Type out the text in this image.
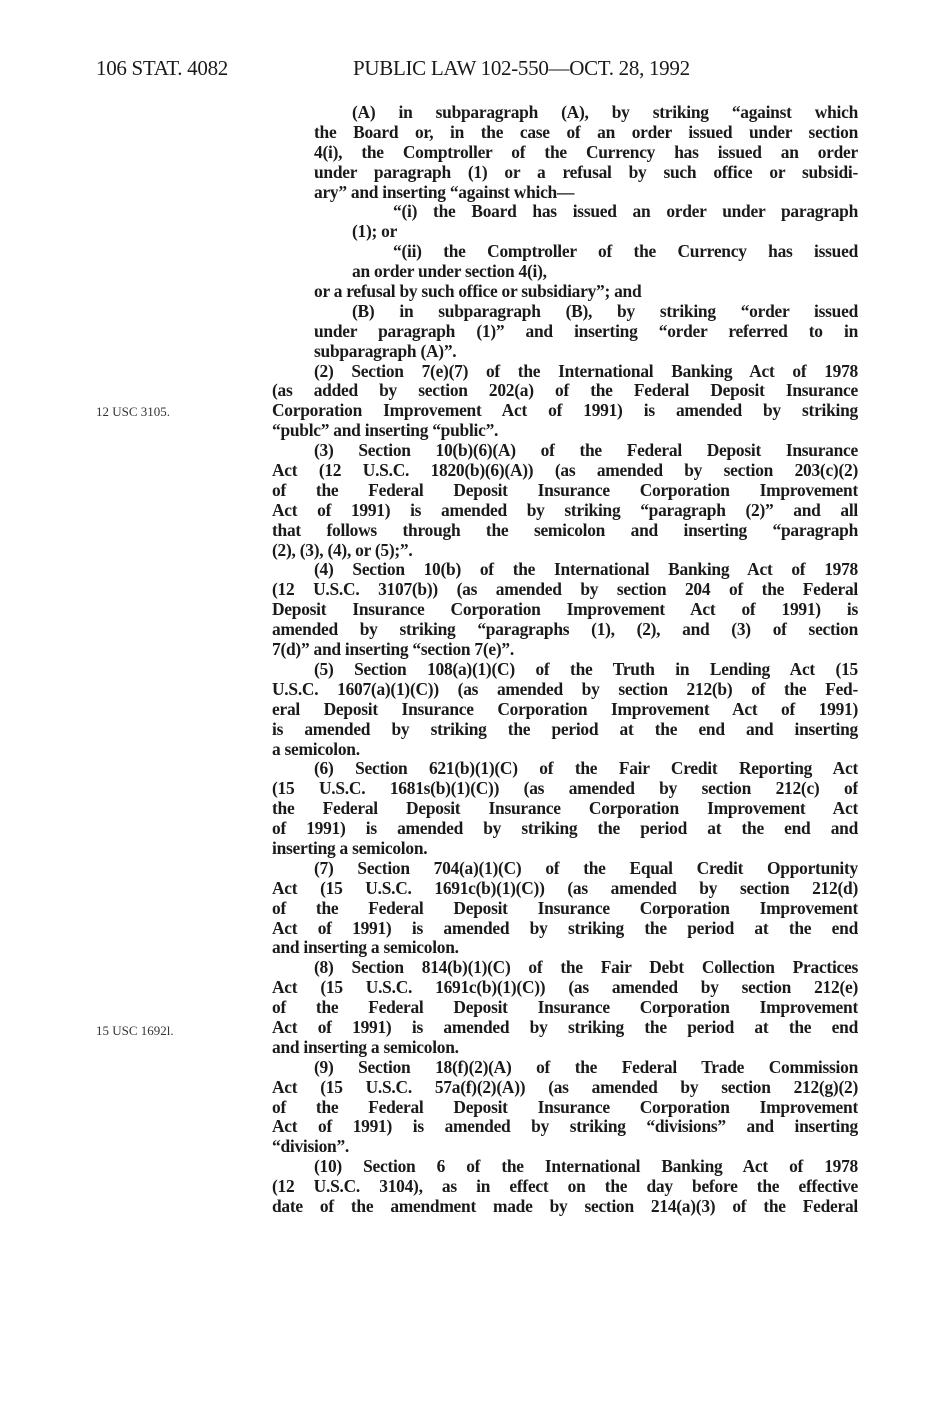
106 STAT. 4082	PUBLIC LAW 102-550—OCT. 28, 1992
12 USC 3105.
15 USC 1692l.
(A) in subparagraph (A), by striking “against which
the Board or, in the case of an order issued under section
4(i), the Comptroller of the Currency has issued an order
under paragraph (1) or a refusal by such office or subsidi-
ary” and inserting “against which—
“(i) the Board has issued an order under paragraph
(1); or
“(ii) the Comptroller of the Currency has issued
an order under section 4(i),
or a refusal by such office or subsidiary”; and
(B) in subparagraph (B), by striking “order issued
under paragraph (1)” and inserting “order referred to in
subparagraph (A)”.
(2) Section 7(e)(7) of the International Banking Act of 1978
(as added by section 202(a) of the Federal Deposit Insurance
Corporation Improvement Act of 1991) is amended by striking
“publc” and inserting “public”.
(3) Section 10(b)(6)(A) of the Federal Deposit Insurance
Act (12 U.S.C. 1820(b)(6)(A)) (as amended by section 203(c)(2)
of the Federal Deposit Insurance Corporation Improvement
Act of 1991) is amended by striking “paragraph (2)” and all
that follows through the semicolon and inserting “paragraph
(2), (3), (4), or (5);”.
(4) Section 10(b) of the International Banking Act of 1978
(12 U.S.C. 3107(b)) (as amended by section 204 of the Federal
Deposit Insurance Corporation Improvement Act of 1991) is
amended by striking “paragraphs (1), (2), and (3) of section
7(d)” and inserting “section 7(e)”.
(5) Section 108(a)(1)(C) of the Truth in Lending Act (15
U.S.C. 1607(a)(1)(C)) (as amended by section 212(b) of the Fed-
eral Deposit Insurance Corporation Improvement Act of 1991)
is amended by striking the period at the end and inserting
a semicolon.
(6) Section 621(b)(1)(C) of the Fair Credit Reporting Act
(15 U.S.C. 1681s(b)(1)(C)) (as amended by section 212(c) of
the Federal Deposit Insurance Corporation Improvement Act
of 1991) is amended by striking the period at the end and
inserting a semicolon.
(7) Section 704(a)(1)(C) of the Equal Credit Opportunity
Act (15 U.S.C. 1691c(b)(1)(C)) (as amended by section 212(d)
of the Federal Deposit Insurance Corporation Improvement
Act of 1991) is amended by striking the period at the end
and inserting a semicolon.
(8) Section 814(b)(1)(C) of the Fair Debt Collection Practices
Act (15 U.S.C. 1691c(b)(1)(C)) (as amended by section 212(e)
of the Federal Deposit Insurance Corporation Improvement
Act of 1991) is amended by striking the period at the end
and inserting a semicolon.
(9) Section 18(f)(2)(A) of the Federal Trade Commission
Act (15 U.S.C. 57a(f)(2)(A)) (as amended by section 212(g)(2)
of the Federal Deposit Insurance Corporation Improvement
Act of 1991) is amended by striking “divisions” and inserting
“division”.
(10) Section 6 of the International Banking Act of 1978
(12 U.S.C. 3104), as in effect on the day before the effective
date of the amendment made by section 214(a)(3) of the Federal
